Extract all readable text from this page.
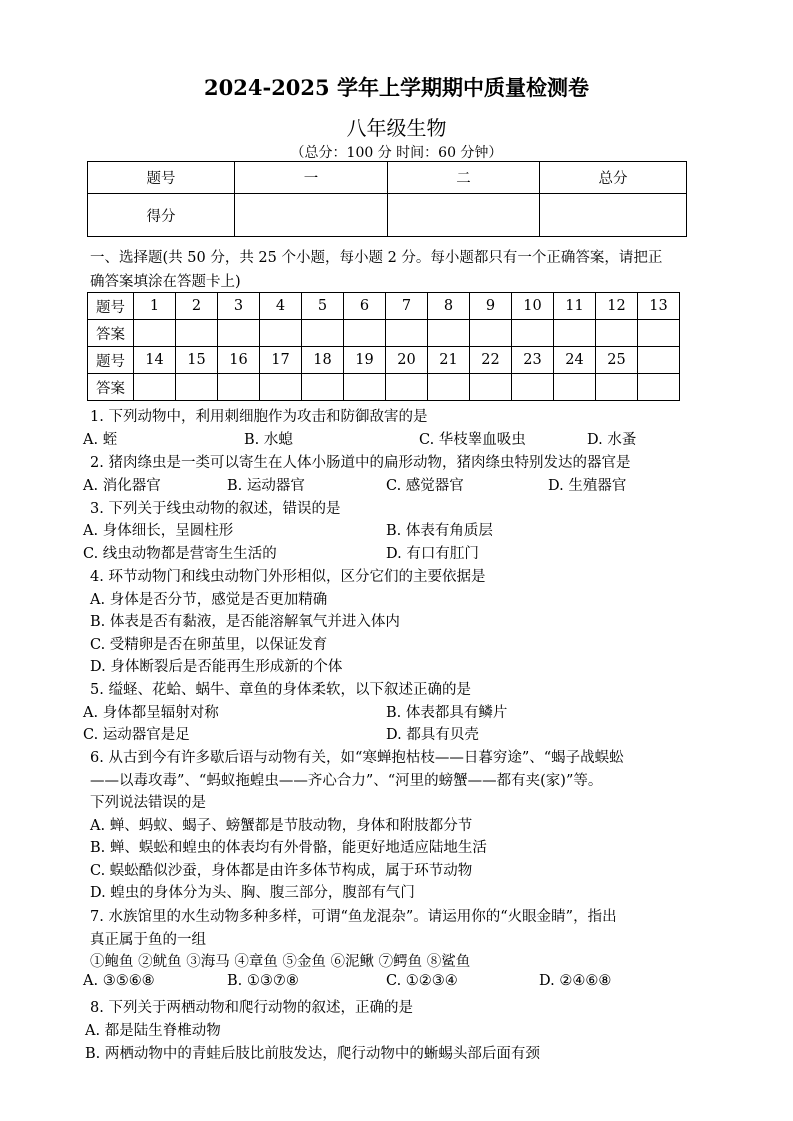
2024-2025 学年上学期期中质量检测卷
八年级生物
（总分：100 分 时间：60 分钟）
题号	一	二	总分
得分			
一、选择题(共 50 分，共 25 个小题，每小题 2 分。每小题都只有一个正确答案，请把正
确答案填涂在答题卡上)
题号	1	2	3	4	5	6	7	8	9	10	11	12	13
答案													
题号	14	15	16	17	18	19	20	21	22	23	24	25	
答案													
1. 下列动物中，利用刺细胞作为攻击和防御敌害的是
A. 蛭	B. 水螅	C. 华枝睾血吸虫	D. 水蚤
2. 猪肉绦虫是一类可以寄生在人体小肠道中的扁形动物，猪肉绦虫特别发达的器官是
A. 消化器官	B. 运动器官	C. 感觉器官	D. 生殖器官
3. 下列关于线虫动物的叙述，错误的是
A. 身体细长，呈圆柱形	B. 体表有角质层
C. 线虫动物都是营寄生生活的	D. 有口有肛门
4. 环节动物门和线虫动物门外形相似，区分它们的主要依据是
A. 身体是否分节，感觉是否更加精确
B. 体表是否有黏液，是否能溶解氧气并进入体内
C. 受精卵是否在卵茧里，以保证发育
D. 身体断裂后是否能再生形成新的个体
5. 缢蛏、花蛤、蜗牛、章鱼的身体柔软，以下叙述正确的是
A. 身体都呈辐射对称	B. 体表都具有鳞片
C. 运动器官是足	D. 都具有贝壳
6. 从古到今有许多歇后语与动物有关，如“寒蝉抱枯枝——日暮穷途”、“蝎子战蜈蚣
——以毒攻毒”、“蚂蚁拖蝗虫——齐心合力”、“河里的螃蟹——都有夹(家)”等。
下列说法错误的是
A. 蝉、蚂蚁、蝎子、螃蟹都是节肢动物，身体和附肢都分节
B. 蝉、蜈蚣和蝗虫的体表均有外骨骼，能更好地适应陆地生活
C. 蜈蚣酷似沙蚕，身体都是由许多体节构成，属于环节动物
D. 蝗虫的身体分为头、胸、腹三部分，腹部有气门
7. 水族馆里的水生动物多种多样，可谓“鱼龙混杂”。请运用你的“火眼金睛”，指出
真正属于鱼的一组
①鲍鱼 ②鱿鱼 ③海马 ④章鱼 ⑤金鱼 ⑥泥鳅 ⑦鳄鱼 ⑧鲨鱼
A. ③⑤⑥⑧	B. ①③⑦⑧	C. ①②③④	D. ②④⑥⑧
8. 下列关于两栖动物和爬行动物的叙述，正确的是
A. 都是陆生脊椎动物
B. 两栖动物中的青蛙后肢比前肢发达，爬行动物中的蜥蜴头部后面有颈
